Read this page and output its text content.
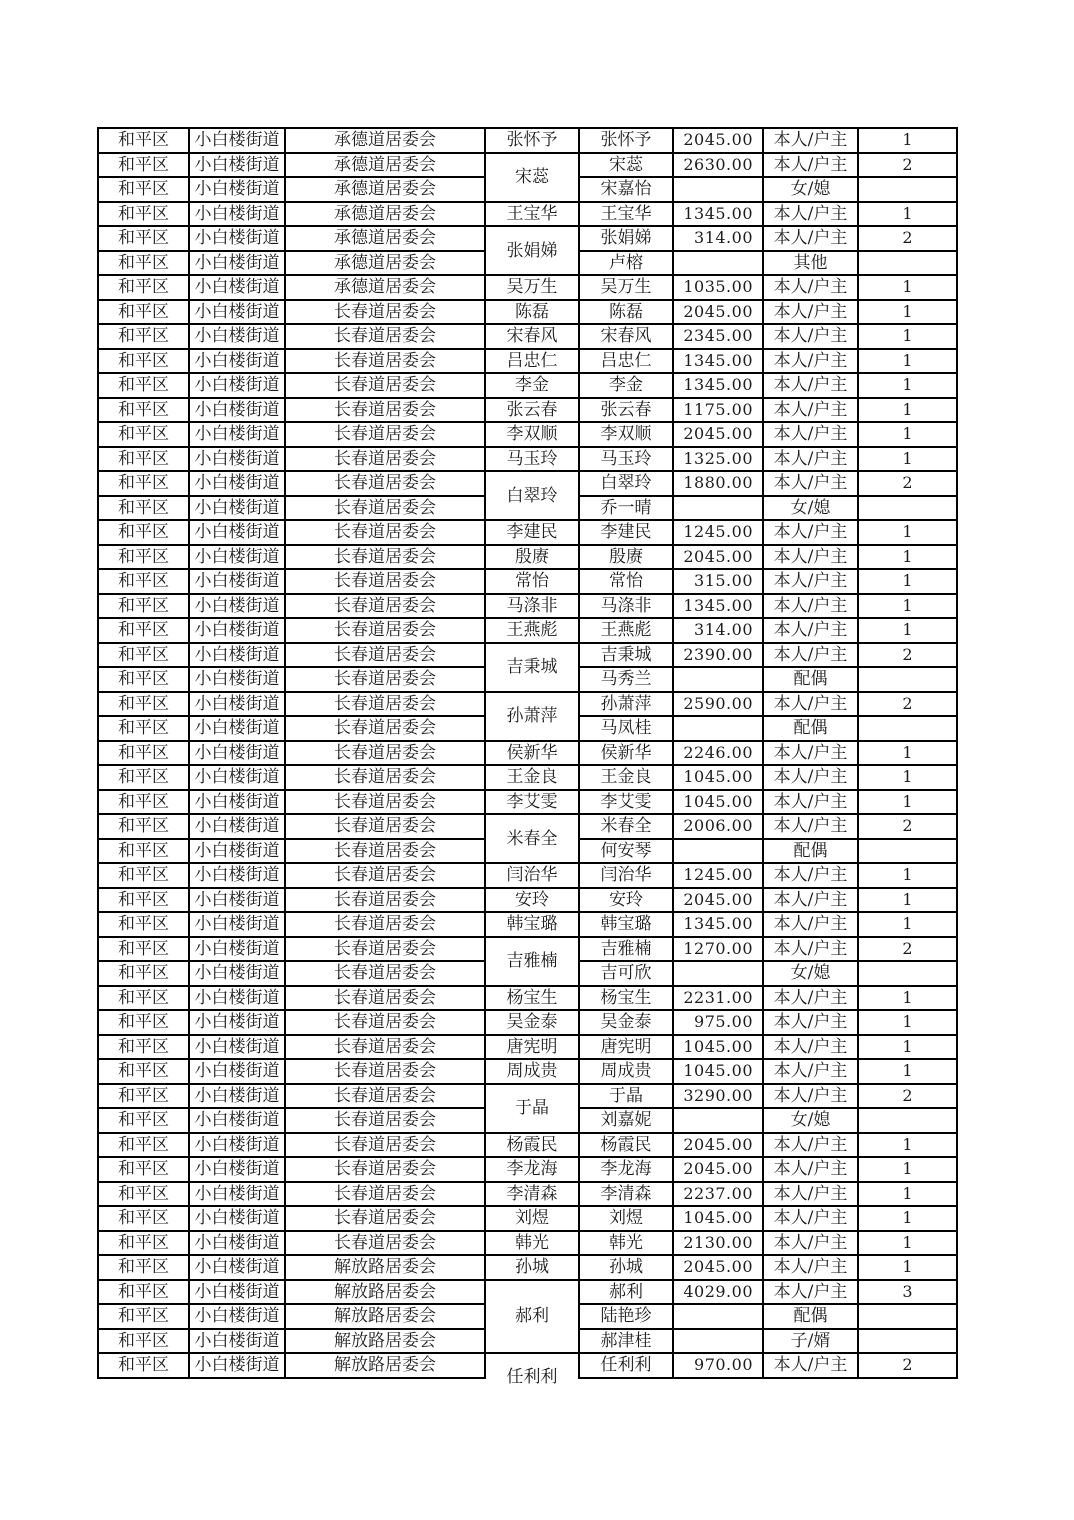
和平区	小白楼街道	承德道居委会	张怀予	张怀予	2045.00	本人/户主	1
和平区	小白楼街道	承德道居委会	宋蕊	宋蕊	2630.00	本人/户主	2
和平区	小白楼街道	承德道居委会		宋嘉怡		女/媳	
和平区	小白楼街道	承德道居委会	王宝华	王宝华	1345.00	本人/户主	1
和平区	小白楼街道	承德道居委会	张娟娣	张娟娣	314.00	本人/户主	2
和平区	小白楼街道	承德道居委会		卢榕		其他	
和平区	小白楼街道	承德道居委会	吴万生	吴万生	1035.00	本人/户主	1
和平区	小白楼街道	长春道居委会	陈磊	陈磊	2045.00	本人/户主	1
和平区	小白楼街道	长春道居委会	宋春风	宋春风	2345.00	本人/户主	1
和平区	小白楼街道	长春道居委会	吕忠仁	吕忠仁	1345.00	本人/户主	1
和平区	小白楼街道	长春道居委会	李金	李金	1345.00	本人/户主	1
和平区	小白楼街道	长春道居委会	张云春	张云春	1175.00	本人/户主	1
和平区	小白楼街道	长春道居委会	李双顺	李双顺	2045.00	本人/户主	1
和平区	小白楼街道	长春道居委会	马玉玲	马玉玲	1325.00	本人/户主	1
和平区	小白楼街道	长春道居委会	白翠玲	白翠玲	1880.00	本人/户主	2
和平区	小白楼街道	长春道居委会		乔一晴		女/媳	
和平区	小白楼街道	长春道居委会	李建民	李建民	1245.00	本人/户主	1
和平区	小白楼街道	长春道居委会	殷赓	殷赓	2045.00	本人/户主	1
和平区	小白楼街道	长春道居委会	常怡	常怡	315.00	本人/户主	1
和平区	小白楼街道	长春道居委会	马涤非	马涤非	1345.00	本人/户主	1
和平区	小白楼街道	长春道居委会	王燕彪	王燕彪	314.00	本人/户主	1
和平区	小白楼街道	长春道居委会	吉秉城	吉秉城	2390.00	本人/户主	2
和平区	小白楼街道	长春道居委会		马秀兰		配偶	
和平区	小白楼街道	长春道居委会	孙萧萍	孙萧萍	2590.00	本人/户主	2
和平区	小白楼街道	长春道居委会		马凤桂		配偶	
和平区	小白楼街道	长春道居委会	侯新华	侯新华	2246.00	本人/户主	1
和平区	小白楼街道	长春道居委会	王金良	王金良	1045.00	本人/户主	1
和平区	小白楼街道	长春道居委会	李艾雯	李艾雯	1045.00	本人/户主	1
和平区	小白楼街道	长春道居委会	米春全	米春全	2006.00	本人/户主	2
和平区	小白楼街道	长春道居委会		何安琴		配偶	
和平区	小白楼街道	长春道居委会	闫治华	闫治华	1245.00	本人/户主	1
和平区	小白楼街道	长春道居委会	安玲	安玲	2045.00	本人/户主	1
和平区	小白楼街道	长春道居委会	韩宝璐	韩宝璐	1345.00	本人/户主	1
和平区	小白楼街道	长春道居委会	吉雅楠	吉雅楠	1270.00	本人/户主	2
和平区	小白楼街道	长春道居委会		吉可欣		女/媳	
和平区	小白楼街道	长春道居委会	杨宝生	杨宝生	2231.00	本人/户主	1
和平区	小白楼街道	长春道居委会	吴金泰	吴金泰	975.00	本人/户主	1
和平区	小白楼街道	长春道居委会	唐宪明	唐宪明	1045.00	本人/户主	1
和平区	小白楼街道	长春道居委会	周成贵	周成贵	1045.00	本人/户主	1
和平区	小白楼街道	长春道居委会	于晶	于晶	3290.00	本人/户主	2
和平区	小白楼街道	长春道居委会		刘嘉妮		女/媳	
和平区	小白楼街道	长春道居委会	杨霞民	杨霞民	2045.00	本人/户主	1
和平区	小白楼街道	长春道居委会	李龙海	李龙海	2045.00	本人/户主	1
和平区	小白楼街道	长春道居委会	李清森	李清森	2237.00	本人/户主	1
和平区	小白楼街道	长春道居委会	刘煜	刘煜	1045.00	本人/户主	1
和平区	小白楼街道	长春道居委会	韩光	韩光	2130.00	本人/户主	1
和平区	小白楼街道	解放路居委会	孙城	孙城	2045.00	本人/户主	1
和平区	小白楼街道	解放路居委会	郝利	郝利	4029.00	本人/户主	3
和平区	小白楼街道	解放路居委会		陆艳珍		配偶	
和平区	小白楼街道	解放路居委会		郝津桂		子/婿	
和平区	小白楼街道	解放路居委会	任利利	任利利	970.00	本人/户主	2
